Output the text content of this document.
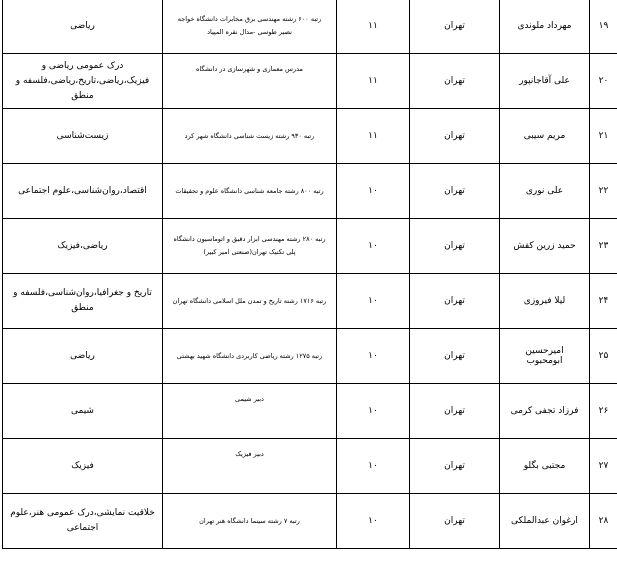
۱۹	مهرداد ملوندی	تهران	۱۱	رتبه ۶۰۰ رشته مهندسی برق مخابرات دانشگاه خواجه
نصیر طوسی -مدال نقره المپیاد	ریاضی

۲۰	علی آقاجانپور	تهران	۱۱	مدرس معماری و شهرسازی در دانشگاه	درک عمومی ریاضی و
فیزیک،ریاضی،تاریخ،ریاضی،فلسفه و منطق

۲۱	مریم سیبی	تهران	۱۱	رتبه ۹۳۰ رشته زیست شناسی دانشگاه شهر کرد	زیست‌شناسی

۲۲	علی نوری	تهران	۱۰	رتبه ۸۰۰ رشته جامعه شناسی دانشگاه علوم و تحقیقات	اقتصاد،روان‌شناسی،علوم اجتماعی

۲۳	حمید زرین کفش	تهران	۱۰	رتبه ۲۸۰ رشته مهندسی ابزار دقیق و اتوماسیون دانشگاه
پلی تکنیک تهران(صنعتی امیر کبیر)	ریاضی،فیزیک

۲۴	لیلا فیروزی	تهران	۱۰	رتبه ۱۷۱۶ رشته تاریخ و تمدن ملل اسلامی دانشگاه تهران	تاریخ و جغرافیا،روان‌شناسی،فلسفه و منطق

۲۵	امیرحسین ابومحبوب	تهران	۱۰	رتبه ۱۲۷۵ رشته ریاضی کاربردی دانشگاه شهید بهشتی	ریاضی

۲۶	فرزاد تجفی کرمی	تهران	۱۰	دبیر شیمی	شیمی

۲۷	مجتبی بگلو	تهران	۱۰	دبیر فیزیک	فیزیک

۲۸	ارغوان عبدالملکی	تهران	۱۰	رتبه ۷ رشته سینما دانشگاه هنر تهران	خلاقیت نمایشی،درک عمومی هنر،علوم اجتماعی
